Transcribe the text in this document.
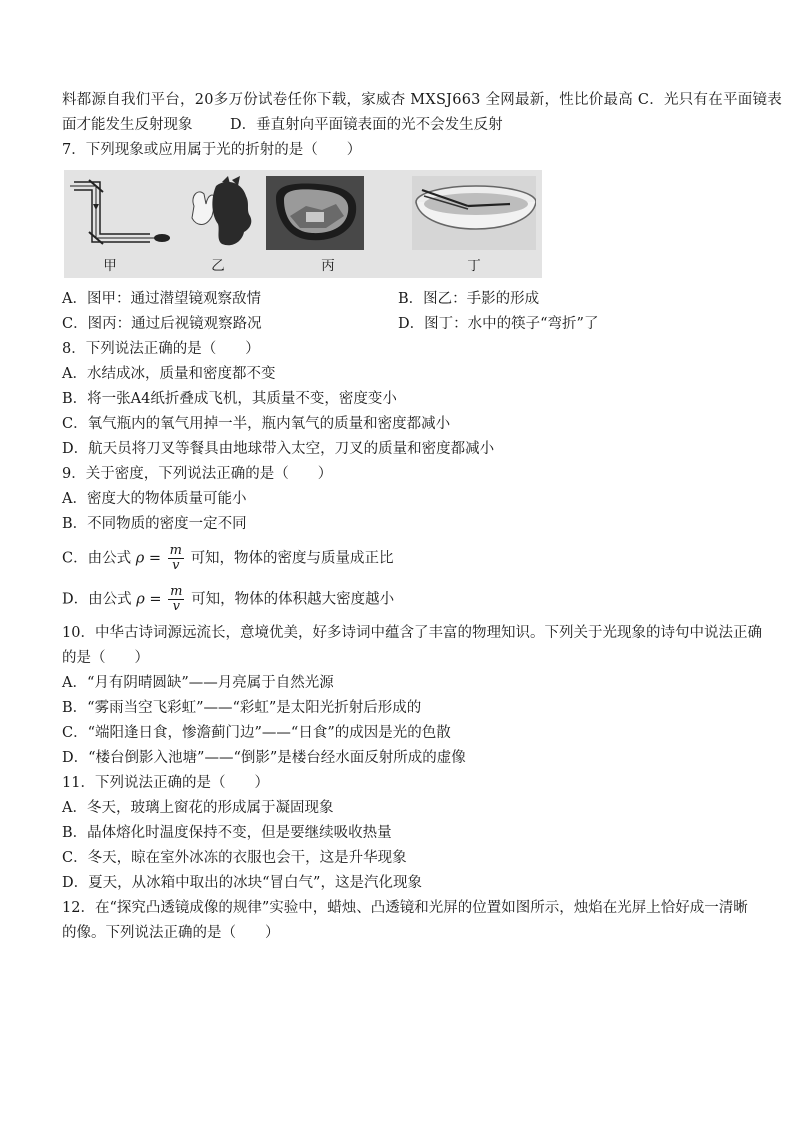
料都源自我们平台，20多万份试卷任你下载，家威杏 MXSJ663 全网最新，性比价最高 C．光只有在平面镜表
面才能发生反射现象	D．垂直射向平面镜表面的光不会发生反射
7．下列现象或应用属于光的折射的是（　　）
甲	乙	丙	丁
A．图甲：通过潜望镜观察敌情	B．图乙：手影的形成
C．图丙：通过后视镜观察路况	D．图丁：水中的筷子“弯折”了
8．下列说法正确的是（　　）
A．水结成冰，质量和密度都不变
B．将一张A4纸折叠成飞机，其质量不变，密度变小
C．氧气瓶内的氧气用掉一半，瓶内氧气的质量和密度都减小
D．航天员将刀叉等餐具由地球带入太空，刀叉的质量和密度都减小
9．关于密度，下列说法正确的是（　　）
A．密度大的物体质量可能小
B．不同物质的密度一定不同
C．由公式 $\rho = \frac{m}{v}$ 可知，物体的密度与质量成正比
D．由公式 $\rho = \frac{m}{v}$ 可知，物体的体积越大密度越小
10．中华古诗词源远流长，意境优美，好多诗词中蕴含了丰富的物理知识。下列关于光现象的诗句中说法正确
的是（　　）
A．“月有阴晴圆缺”——月亮属于自然光源
B．“雾雨当空飞彩虹”——“彩虹”是太阳光折射后形成的
C．“端阳逢日食，惨澹蓟门边”——“日食”的成因是光的色散
D．“楼台倒影入池塘”——“倒影”是楼台经水面反射所成的虚像
11．下列说法正确的是（　　）
A．冬天，玻璃上窗花的形成属于凝固现象
B．晶体熔化时温度保持不变，但是要继续吸收热量
C．冬天，晾在室外冰冻的衣服也会干，这是升华现象
D．夏天，从冰箱中取出的冰块“冒白气”，这是汽化现象
12．在“探究凸透镜成像的规律”实验中，蜡烛、凸透镜和光屏的位置如图所示，烛焰在光屏上恰好成一清晰
的像。下列说法正确的是（　　）
